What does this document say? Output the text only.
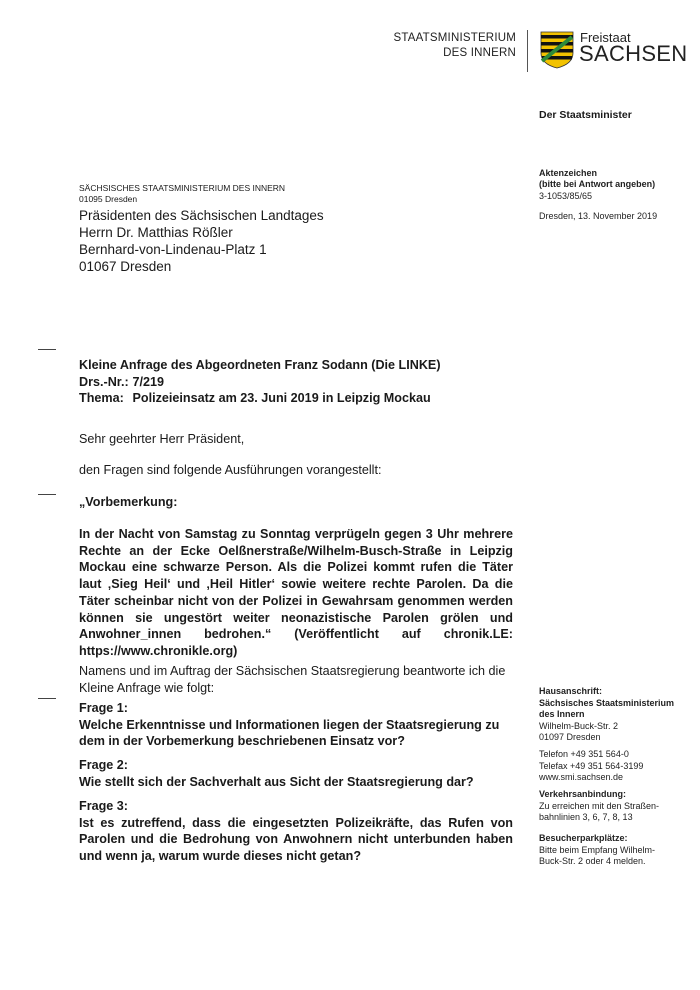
STAATSMINISTERIUM
DES INNERN
Freistaat
SACHSEN
Der Staatsminister
Aktenzeichen
(bitte bei Antwort angeben)
3-1053/85/65
Dresden, 13. November 2019
Hausanschrift:
Sächsisches Staatsministerium
des Innern
Wilhelm-Buck-Str. 2
01097 Dresden
Telefon +49 351 564-0
Telefax +49 351 564-3199
www.smi.sachsen.de
Verkehrsanbindung:
Zu erreichen mit den Straßen-
bahnlinien 3, 6, 7, 8, 13
Besucherparkplätze:
Bitte beim Empfang Wilhelm-
Buck-Str. 2 oder 4 melden.
SÄCHSISCHES STAATSMINISTERIUM DES INNERN
01095 Dresden
Präsidenten des Sächsischen Landtages
Herrn Dr. Matthias Rößler
Bernhard-von-Lindenau-Platz 1
01067 Dresden
Kleine Anfrage des Abgeordneten Franz Sodann (Die LINKE)
Drs.-Nr.: 7/219
Thema: Polizeieinsatz am 23. Juni 2019 in Leipzig Mockau
Sehr geehrter Herr Präsident,
den Fragen sind folgende Ausführungen vorangestellt:
„Vorbemerkung:
In der Nacht von Samstag zu Sonntag verprügeln gegen 3 Uhr mehrere Rechte an der Ecke Oelßnerstraße/Wilhelm-Busch-Straße in Leipzig Mockau eine schwarze Person. Als die Polizei kommt rufen die Täter laut ‚Sieg Heil‘ und ‚Heil Hitler‘ sowie weitere rechte Parolen. Da die Täter scheinbar nicht von der Polizei in Gewahrsam genommen werden können sie ungestört weiter neonazistische Parolen grölen und Anwohner_innen bedrohen.“ (Veröffentlicht auf chronik.LE: https://www.chronikle.org)
Namens und im Auftrag der Sächsischen Staatsregierung beantworte ich die Kleine Anfrage wie folgt:
Frage 1:
Welche Erkenntnisse und Informationen liegen der Staatsregierung zu dem in der Vorbemerkung beschriebenen Einsatz vor?
Frage 2:
Wie stellt sich der Sachverhalt aus Sicht der Staatsregierung dar?
Frage 3:
Ist es zutreffend, dass die eingesetzten Polizeikräfte, das Rufen von Parolen und die Bedrohung von Anwohnern nicht unterbunden haben und wenn ja, warum wurde dieses nicht getan?
